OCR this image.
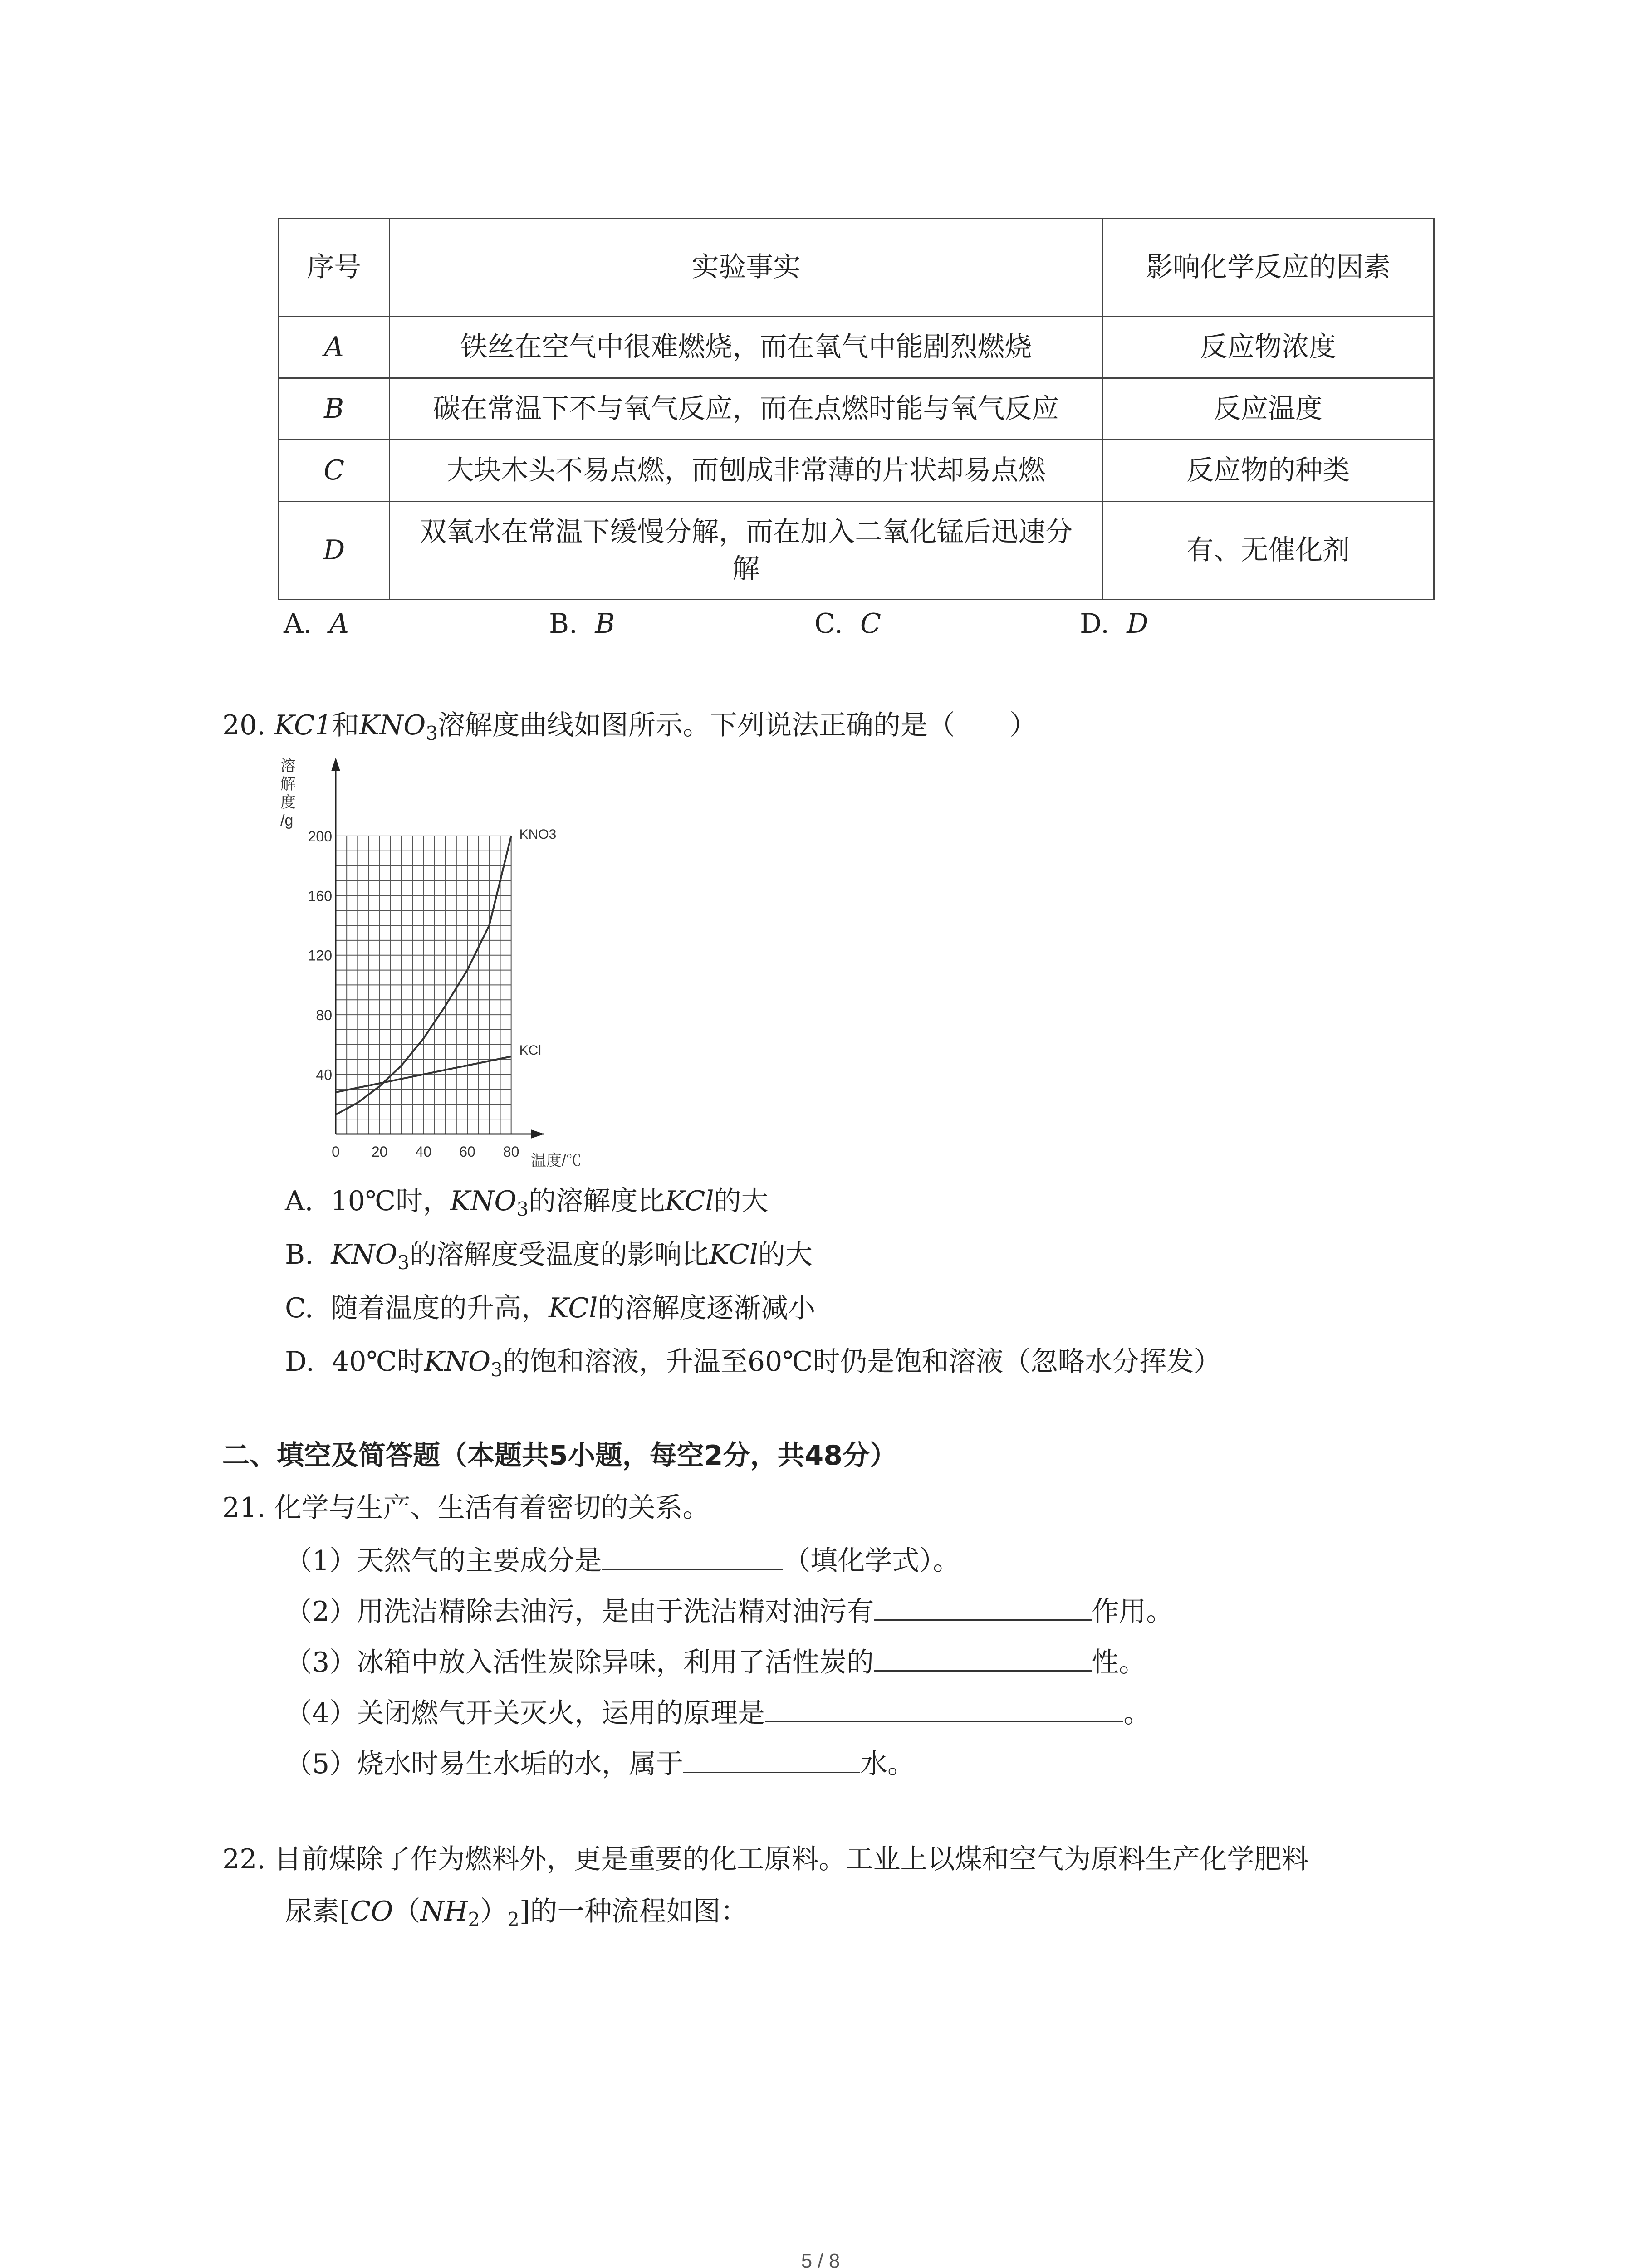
序号	实验事实	影响化学反应的因素
A	铁丝在空气中很难燃烧，而在氧气中能剧烈燃烧	反应物浓度
B	碳在常温下不与氧气反应，而在点燃时能与氧气反应	反应温度
C	大块木头不易点燃，而刨成非常薄的片状却易点燃	反应物的种类
D	双氧水在常温下缓慢分解，而在加入二氧化锰后迅速分解	有、无催化剂
A. A	B. B	C. C	D. D
20. KC1和$KNO_3$溶解度曲线如图所示。下列说法正确的是（　　）
0 20 40 60 80
40
80
120
160
200	KNO3
KCl
溶
解
度
/g
温度/℃
A. 10℃时，$KNO_3$的溶解度比KCl的大
B. $KNO_3$的溶解度受温度的影响比KCl的大
C. 随着温度的升高，KCl的溶解度逐渐减小
D. 40℃时$KNO_3$的饱和溶液，升温至60℃时仍是饱和溶液（忽略水分挥发）
二、填空及简答题（本题共5小题，每空2分，共48分）
21. 化学与生产、生活有着密切的关系。
（1）天然气的主要成分是	（填化学式）。
（2）用洗洁精除去油污，是由于洗洁精对油污有	作用。
（3）冰箱中放入活性炭除异味，利用了活性炭的	性。
（4）关闭燃气开关灭火，运用的原理是	。
（5）烧水时易生水垢的水，属于	水。
22. 目前煤除了作为燃料外，更是重要的化工原料。工业上以煤和空气为原料生产化学肥料
尿素$[CO(NH_2)_2]$的一种流程如图：
5 / 8
